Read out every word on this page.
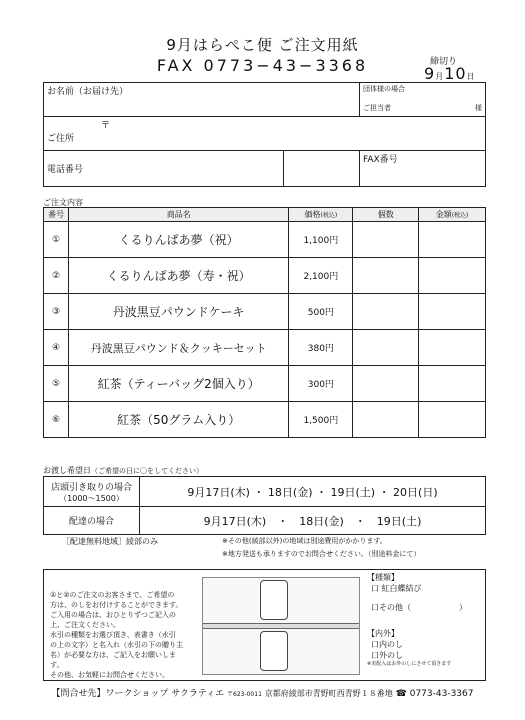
9月はらぺこ便 ご注文用紙
FAX 0773−43−3368	締切り
9月10日
お名前（お届け先）		団体様の場合
ご担当者 様

〒
ご住所		

電話番号		FAX番号
ご注文内容
番号	商品名	価格(税込)	個数	金額(税込)
①	くるりんぱあ夢（祝）	1,100円		
②	くるりんぱあ夢（寿・祝）	2,100円		
③	丹波黒豆パウンドケーキ	500円		
④	丹波黒豆パウンド＆クッキーセット	380円		
⑤	紅茶（ティーバッグ2個入り）	300円		
⑥	紅茶（50グラム入り）	1,500円		
お渡し希望日（ご希望の日に〇をしてください）
店頭引き取りの場合
（1000〜1500）	9月17日(木) ・ 18日(金) ・ 19日(土) ・ 20日(日)
配達の場合	9月17日(木)　・　18日(金)　・　19日(土)
［配達無料地域］綾部のみ	※その他(綾部以外)の地域は別途費用がかかります。
※地方発送も承りますのでお問合せください。（別途料金にて）
①と②のご注文のお客さまで、ご希望の
方は、のしをお付けすることができます。
ご入用の場合は、おひとりずつご記入の
上、ご注文ください。
水引の種類をお選び頂き、表書き（水引
の上の文字）と名入れ（水引の下の贈り主
名）が必要な方は、ご記入をお願いしま
す。
その他、お気軽にお問合せください。
【種類】
口 紅白蝶結び
口その他（　　　　　　）
【内外】
口内のし
口外のし
※実配入はお外のしにさせて頂きます
【問合せ先】ワークショップ サクラティエ 〒623-0011 京都府綾部市青野町西青野１８番地 ☎ 0773-43-3367
